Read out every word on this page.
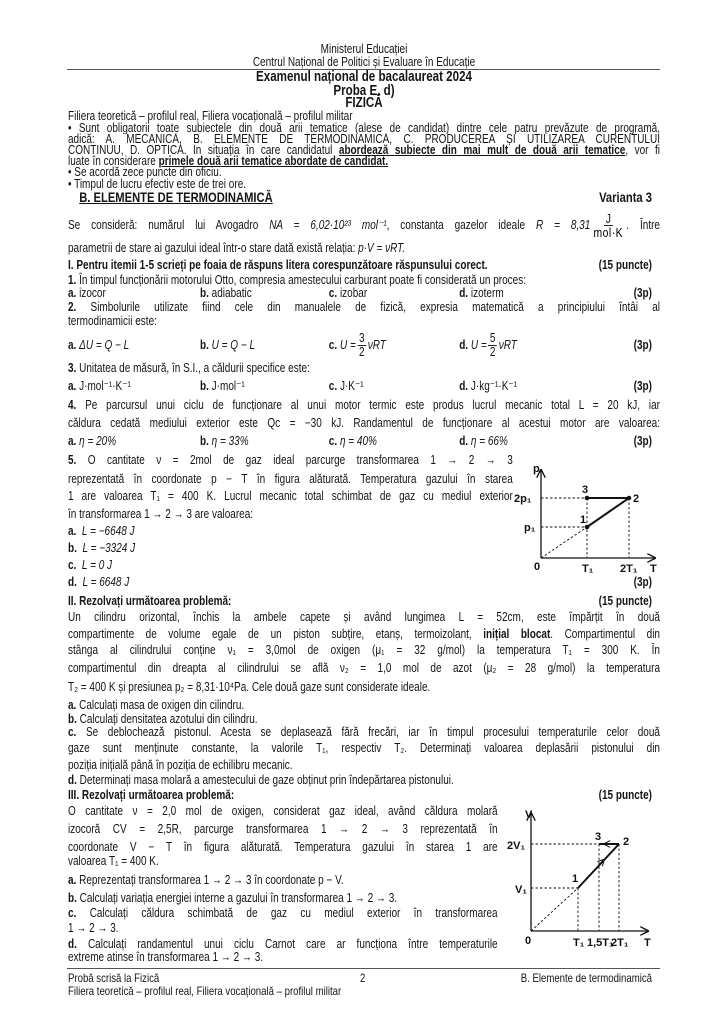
Ministerul Educației
Centrul Național de Politici și Evaluare în Educație
Examenul național de bacalaureat 2024
Proba E. d)
FIZICĂ
Filiera teoretică – profilul real, Filiera vocațională – profilul militar
• Sunt obligatorii toate subiectele din două arii tematice (alese de candidat) dintre cele patru prevăzute de programă,
adică: A. MECANICĂ, B. ELEMENTE DE TERMODINAMICĂ, C. PRODUCEREA ȘI UTILIZAREA CURENTULUI
CONTINUU, D. OPTICĂ. În situația în care candidatul abordează subiecte din mai mult de două arii tematice, vor fi
luate în considerare primele două arii tematice abordate de candidat.
• Se acordă zece puncte din oficiu.
• Timpul de lucru efectiv este de trei ore.
B. ELEMENTE DE TERMODINAMICĂ	Varianta 3
Se consideră: numărul lui Avogadro NA = 6,02·10²³ mol⁻¹, constanta gazelor ideale R = 8,31 J
mol·K
. Între
parametrii de stare ai gazului ideal într-o stare dată există relația: p·V = νRT.
I. Pentru itemii 1-5 scrieți pe foaia de răspuns litera corespunzătoare răspunsului corect.	(15 puncte)
1. În timpul funcționării motorului Otto, compresia amestecului carburant poate fi considerată un proces:
a. izocor	b. adiabatic	c. izobar	d. izoterm	(3p)
2. Simbolurile utilizate fiind cele din manualele de fizică, expresia matematică a principiului întâi al
termodinamicii este:
a. ΔU = Q − L	b. U = Q − L	c. $U = \frac{3}{2}$ νRT	d. $U = \frac{5}{2}$ νRT	(3p)
3. Unitatea de măsură, în S.I., a căldurii specifice este:
a. J·mol⁻¹·K⁻¹	b. J·mol⁻¹	c. J·K⁻¹	d. J·kg⁻¹·K⁻¹	(3p)
4. Pe parcursul unui ciclu de funcționare al unui motor termic este produs lucrul mecanic total L = 20 kJ, iar
căldura cedată mediului exterior este Qc = −30 kJ. Randamentul de funcționare al acestui motor are valoarea:
a. η = 20%	b. η = 33%	c. η = 40%	d. η = 66%	(3p)
5. O cantitate ν = 2mol de gaz ideal parcurge transformarea 1 → 2 → 3
reprezentată în coordonate p − T în figura alăturată. Temperatura gazului în starea
1 are valoarea T₁ = 400 K. Lucrul mecanic total schimbat de gaz cu mediul exterior
în transformarea 1 → 2 → 3 are valoarea:
a. L = −6648 J
b. L = −3324 J
c. L = 0 J
d. L = 6648 J	(3p)
II. Rezolvați următoarea problemă:	(15 puncte)
Un cilindru orizontal, închis la ambele capete și având lungimea L = 52cm, este împărțit în două
compartimente de volume egale de un piston subțire, etanș, termoizolant, inițial blocat. Compartimentul din
stânga al cilindrului conține ν₁ = 3,0mol de oxigen (μ₁ = 32 g/mol) la temperatura T₁ = 300 K. În
compartimentul din dreapta al cilindrului se află ν₂ = 1,0 mol de azot (μ₂ = 28 g/mol) la temperatura
T₂ = 400 K și presiunea p₂ = 8,31·10⁴Pa. Cele două gaze sunt considerate ideale.
a. Calculați masa de oxigen din cilindru.
b. Calculați densitatea azotului din cilindru.
c. Se deblochează pistonul. Acesta se deplasează fără frecări, iar în timpul procesului temperaturile celor două
gaze sunt menținute constante, la valorile T₁, respectiv T₂. Determinați valoarea deplasării pistonului din
poziția inițială până în poziția de echilibru mecanic.
d. Determinați masa molară a amestecului de gaze obținut prin îndepărtarea pistonului.
III. Rezolvați următoarea problemă:	(15 puncte)
O cantitate ν = 2,0 mol de oxigen, considerat gaz ideal, având căldura molară
izocoră CV = 2,5R, parcurge transformarea 1 → 2 → 3 reprezentată în
coordonate V − T în figura alăturată. Temperatura gazului în starea 1 are
valoarea T₁ = 400 K.
a. Reprezentați transformarea 1 → 2 → 3 în coordonate p − V.
b. Calculați variația energiei interne a gazului în transformarea 1 → 2 → 3.
c. Calculați căldura schimbată de gaz cu mediul exterior în transformarea
1 → 2 → 3.
d. Calculați randamentul unui ciclu Carnot care ar funcționa între temperaturile
extreme atinse în transformarea 1 → 2 → 3.
Probă scrisă la Fizică	2	B. Elemente de termodinamică
Filiera teoretică – profilul real, Filiera vocațională – profilul militar
p
2p₁
p₁
1
2
3
0	T₁ 2T₁ T
V
2V₁
V₁
1
2
3
0	T₁ 1,5T₁
2T₁ T
